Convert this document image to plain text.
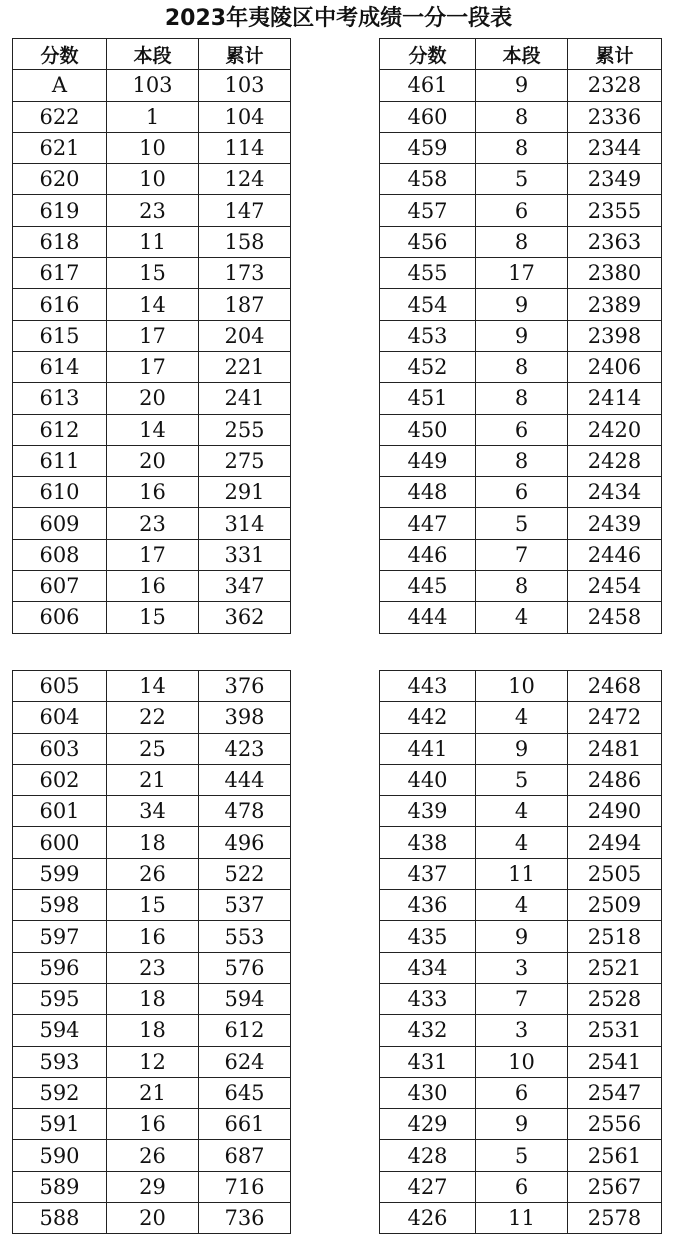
2023年夷陵区中考成绩一分一段表
分数	本段	累计
A	103	103
622	1	104
621	10	114
620	10	124
619	23	147
618	11	158
617	15	173
616	14	187
615	17	204
614	17	221
613	20	241
612	14	255
611	20	275
610	16	291
609	23	314
608	17	331
607	16	347
606	15	362
分数	本段	累计
461	9	2328
460	8	2336
459	8	2344
458	5	2349
457	6	2355
456	8	2363
455	17	2380
454	9	2389
453	9	2398
452	8	2406
451	8	2414
450	6	2420
449	8	2428
448	6	2434
447	5	2439
446	7	2446
445	8	2454
444	4	2458
605	14	376
604	22	398
603	25	423
602	21	444
601	34	478
600	18	496
599	26	522
598	15	537
597	16	553
596	23	576
595	18	594
594	18	612
593	12	624
592	21	645
591	16	661
590	26	687
589	29	716
588	20	736
443	10	2468
442	4	2472
441	9	2481
440	5	2486
439	4	2490
438	4	2494
437	11	2505
436	4	2509
435	9	2518
434	3	2521
433	7	2528
432	3	2531
431	10	2541
430	6	2547
429	9	2556
428	5	2561
427	6	2567
426	11	2578
